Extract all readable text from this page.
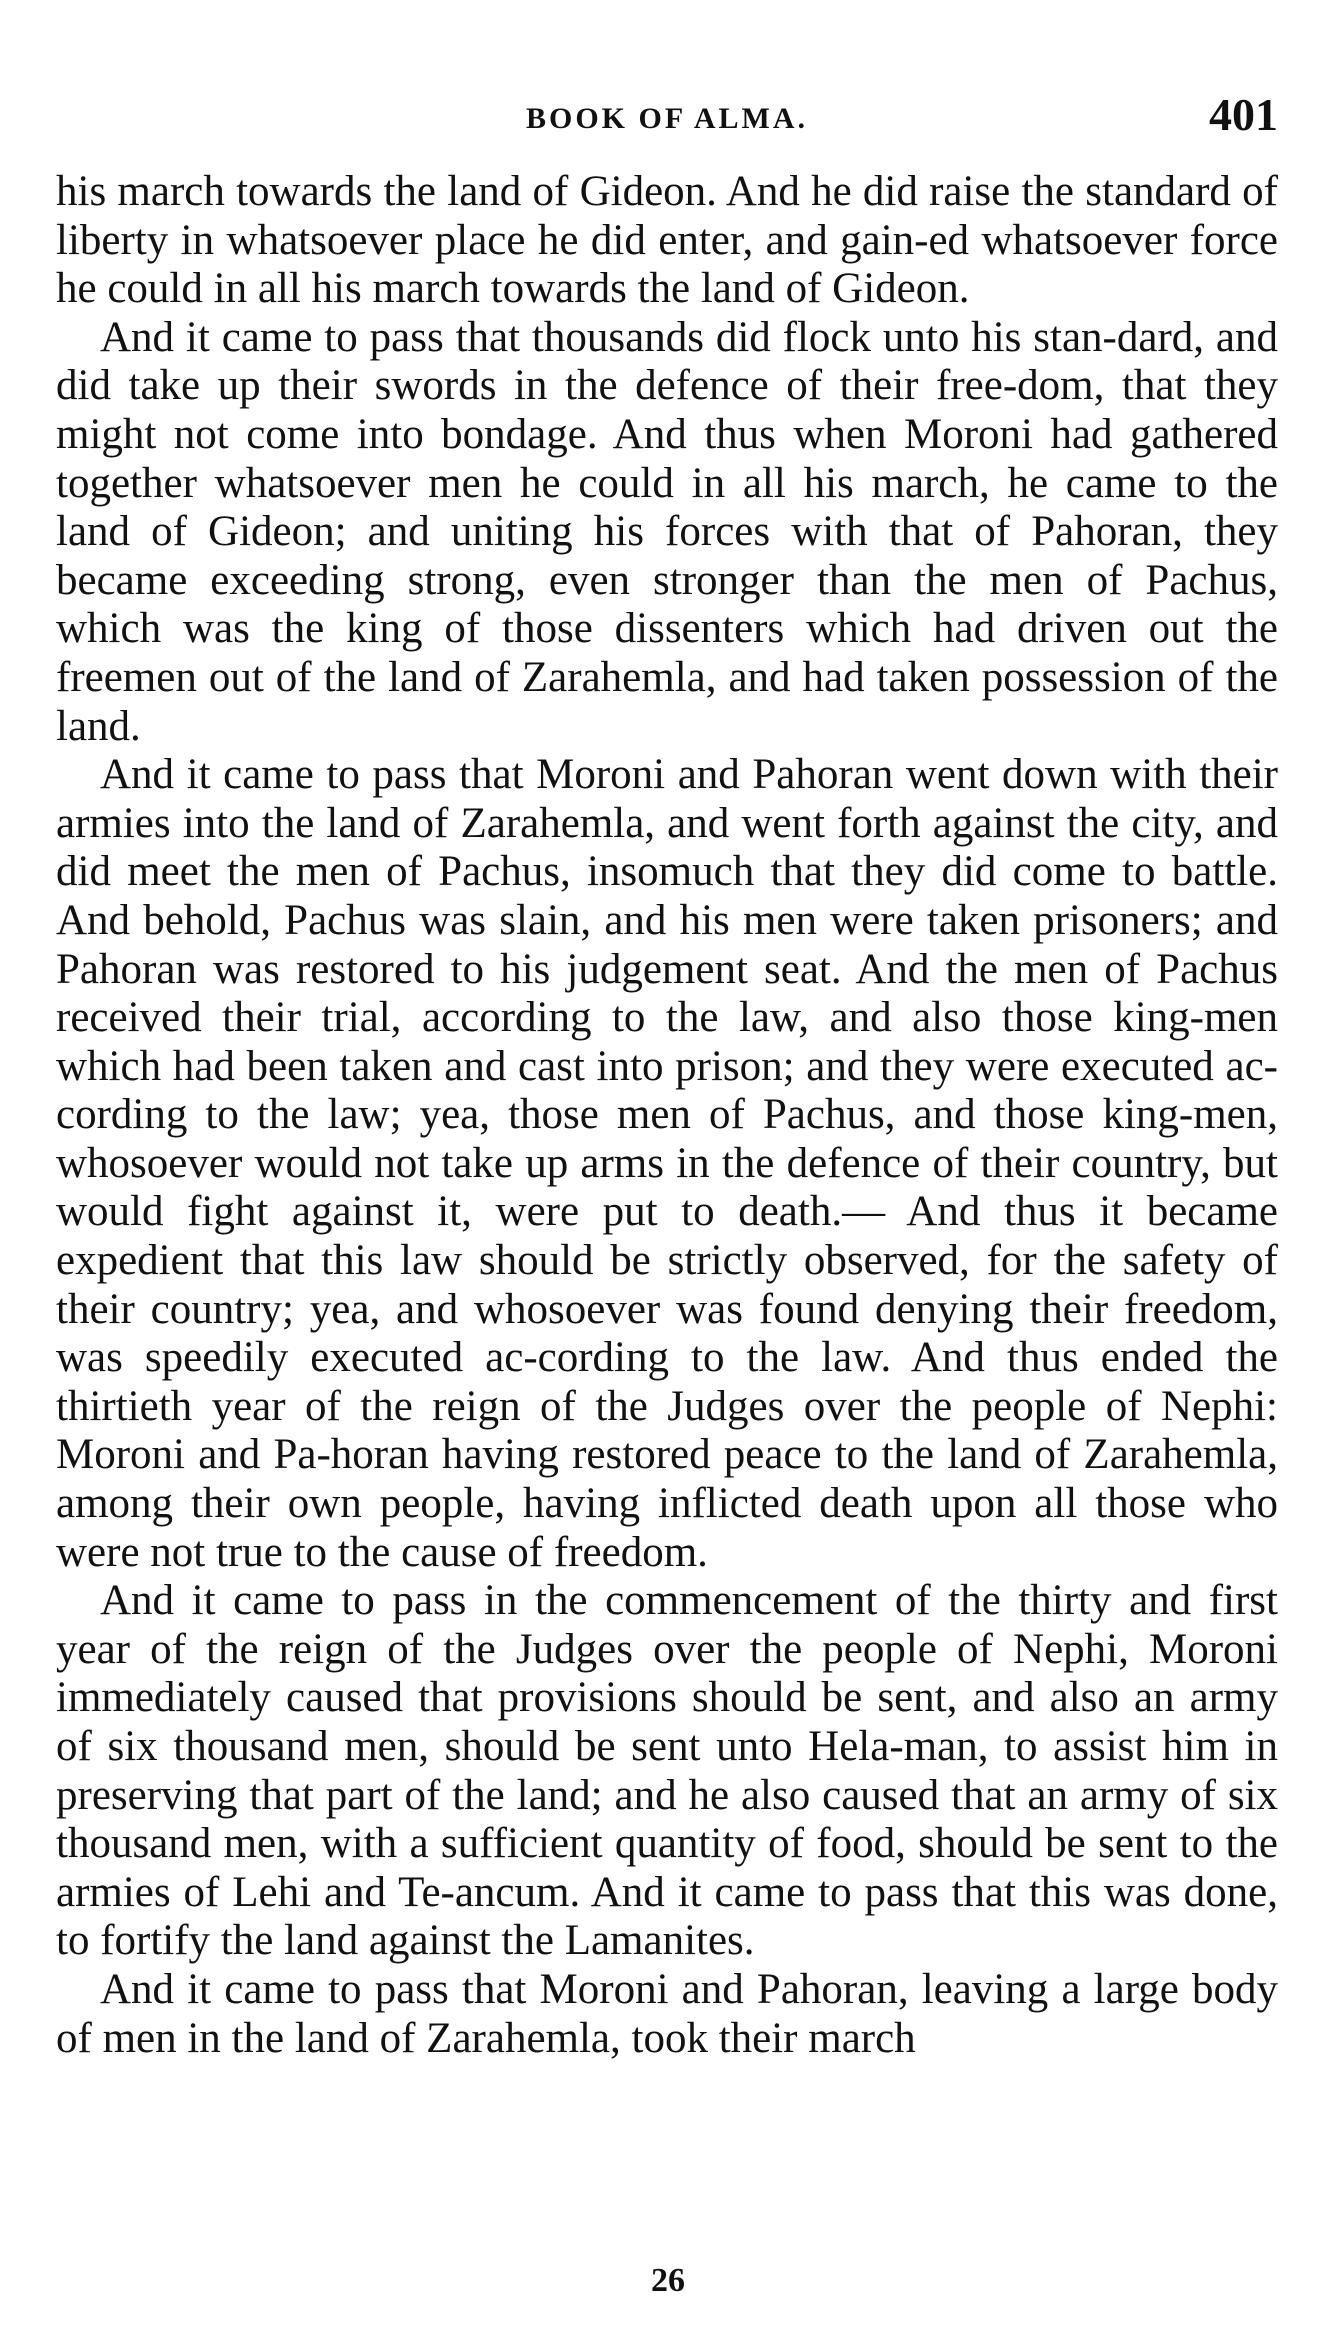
BOOK OF ALMA.	401

his march towards the land of Gideon. And he did raise the standard of liberty in whatsoever place he did enter, and gain-ed whatsoever force he could in all his march towards the land of Gideon.

And it came to pass that thousands did flock unto his stan-dard, and did take up their swords in the defence of their free-dom, that they might not come into bondage. And thus when Moroni had gathered together whatsoever men he could in all his march, he came to the land of Gideon; and uniting his forces with that of Pahoran, they became exceeding strong, even stronger than the men of Pachus, which was the king of those dissenters which had driven out the freemen out of the land of Zarahemla, and had taken possession of the land.

And it came to pass that Moroni and Pahoran went down with their armies into the land of Zarahemla, and went forth against the city, and did meet the men of Pachus, insomuch that they did come to battle. And behold, Pachus was slain, and his men were taken prisoners; and Pahoran was restored to his judgement seat. And the men of Pachus received their trial, according to the law, and also those king-men which had been taken and cast into prison; and they were executed ac-cording to the law; yea, those men of Pachus, and those king-men, whosoever would not take up arms in the defence of their country, but would fight against it, were put to death.— And thus it became expedient that this law should be strictly observed, for the safety of their country; yea, and whosoever was found denying their freedom, was speedily executed ac-cording to the law. And thus ended the thirtieth year of the reign of the Judges over the people of Nephi: Moroni and Pa-horan having restored peace to the land of Zarahemla, among their own people, having inflicted death upon all those who were not true to the cause of freedom.

And it came to pass in the commencement of the thirty and first year of the reign of the Judges over the people of Nephi, Moroni immediately caused that provisions should be sent, and also an army of six thousand men, should be sent unto Hela-man, to assist him in preserving that part of the land; and he also caused that an army of six thousand men, with a sufficient quantity of food, should be sent to the armies of Lehi and Te-ancum. And it came to pass that this was done, to fortify the land against the Lamanites.

And it came to pass that Moroni and Pahoran, leaving a large body of men in the land of Zarahemla, took their march

26
